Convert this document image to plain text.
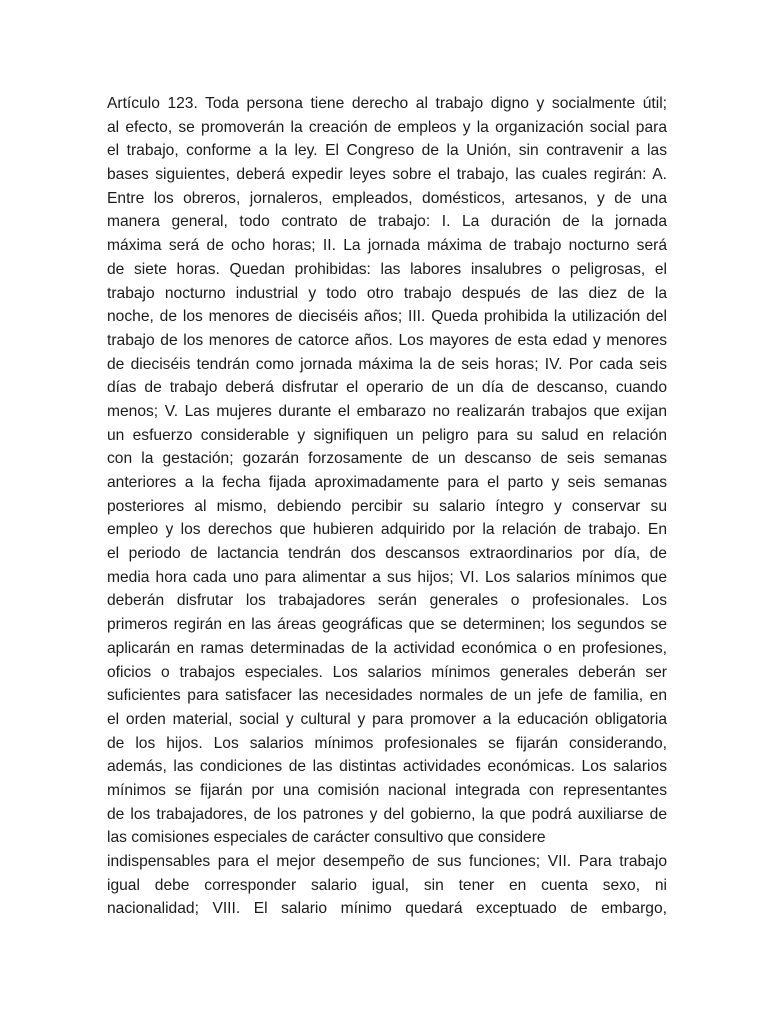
Artículo 123. Toda persona tiene derecho al trabajo digno y socialmente útil;
al efecto, se promoverán la creación de empleos y la organización social para
el trabajo, conforme a la ley. El Congreso de la Unión, sin contravenir a las
bases siguientes, deberá expedir leyes sobre el trabajo, las cuales regirán: A.
Entre los obreros, jornaleros, empleados, domésticos, artesanos, y de una
manera general, todo contrato de trabajo: I. La duración de la jornada
máxima será de ocho horas; II. La jornada máxima de trabajo nocturno será
de siete horas. Quedan prohibidas: las labores insalubres o peligrosas, el
trabajo nocturno industrial y todo otro trabajo después de las diez de la
noche, de los menores de dieciséis años; III. Queda prohibida la utilización del
trabajo de los menores de catorce años. Los mayores de esta edad y menores
de dieciséis tendrán como jornada máxima la de seis horas; IV. Por cada seis
días de trabajo deberá disfrutar el operario de un día de descanso, cuando
menos; V. Las mujeres durante el embarazo no realizarán trabajos que exijan
un esfuerzo considerable y signifiquen un peligro para su salud en relación
con la gestación; gozarán forzosamente de un descanso de seis semanas
anteriores a la fecha fijada aproximadamente para el parto y seis semanas
posteriores al mismo, debiendo percibir su salario íntegro y conservar su
empleo y los derechos que hubieren adquirido por la relación de trabajo. En
el periodo de lactancia tendrán dos descansos extraordinarios por día, de
media hora cada uno para alimentar a sus hijos; VI. Los salarios mínimos que
deberán disfrutar los trabajadores serán generales o profesionales. Los
primeros regirán en las áreas geográficas que se determinen; los segundos se
aplicarán en ramas determinadas de la actividad económica o en profesiones,
oficios o trabajos especiales. Los salarios mínimos generales deberán ser
suficientes para satisfacer las necesidades normales de un jefe de familia, en
el orden material, social y cultural y para promover a la educación obligatoria
de los hijos. Los salarios mínimos profesionales se fijarán considerando,
además, las condiciones de las distintas actividades económicas. Los salarios
mínimos se fijarán por una comisión nacional integrada con representantes
de los trabajadores, de los patrones y del gobierno, la que podrá auxiliarse de
las comisiones especiales de carácter consultivo que considere
indispensables para el mejor desempeño de sus funciones; VII. Para trabajo
igual debe corresponder salario igual, sin tener en cuenta sexo, ni
nacionalidad; VIII. El salario mínimo quedará exceptuado de embargo,
